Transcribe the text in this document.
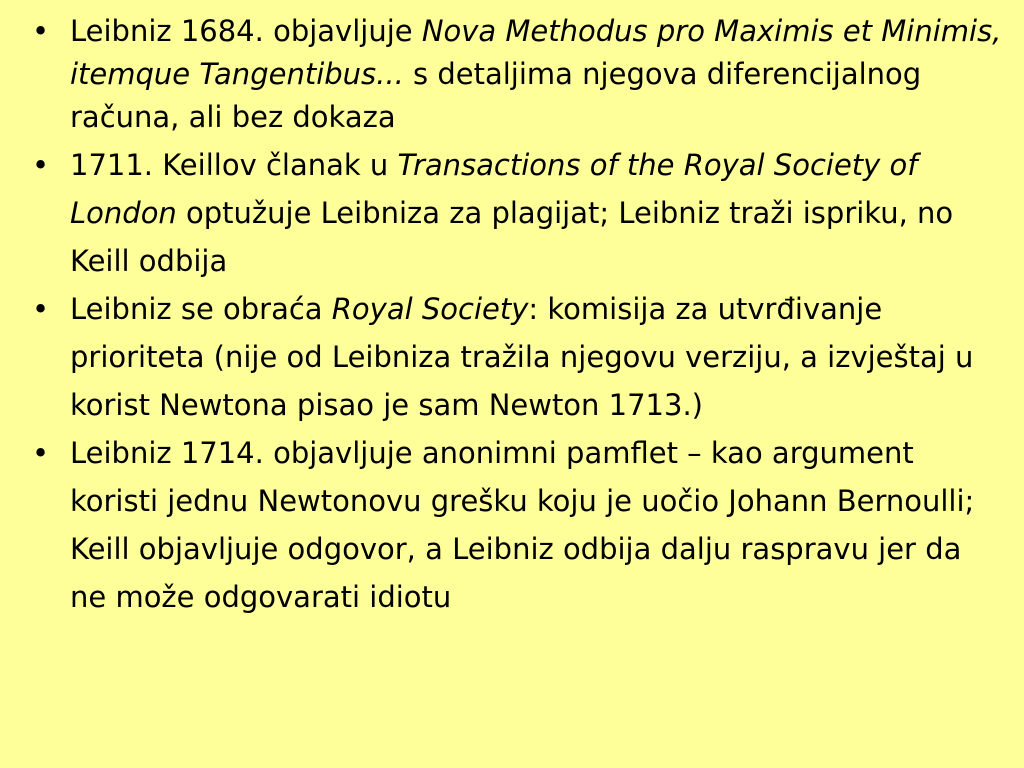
• Leibniz 1684. objavljuje Nova Methodus pro Maximis et Minimis, itemque Tangentibus... s detaljima njegova diferencijalnog računa, ali bez dokaza
• 1711. Keillov članak u Transactions of the Royal Society of London optužuje Leibniza za plagijat; Leibniz traži ispriku, no Keill odbija
• Leibniz se obraća Royal Society: komisija za utvrđivanje prioriteta (nije od Leibniza tražila njegovu verziju, a izvještaj u korist Newtona pisao je sam Newton 1713.)
• Leibniz 1714. objavljuje anonimni pamflet – kao argument koristi jednu Newtonovu grešku koju je uočio Johann Bernoulli; Keill objavljuje odgovor, a Leibniz odbija dalju raspravu jer da ne može odgovarati idiotu
